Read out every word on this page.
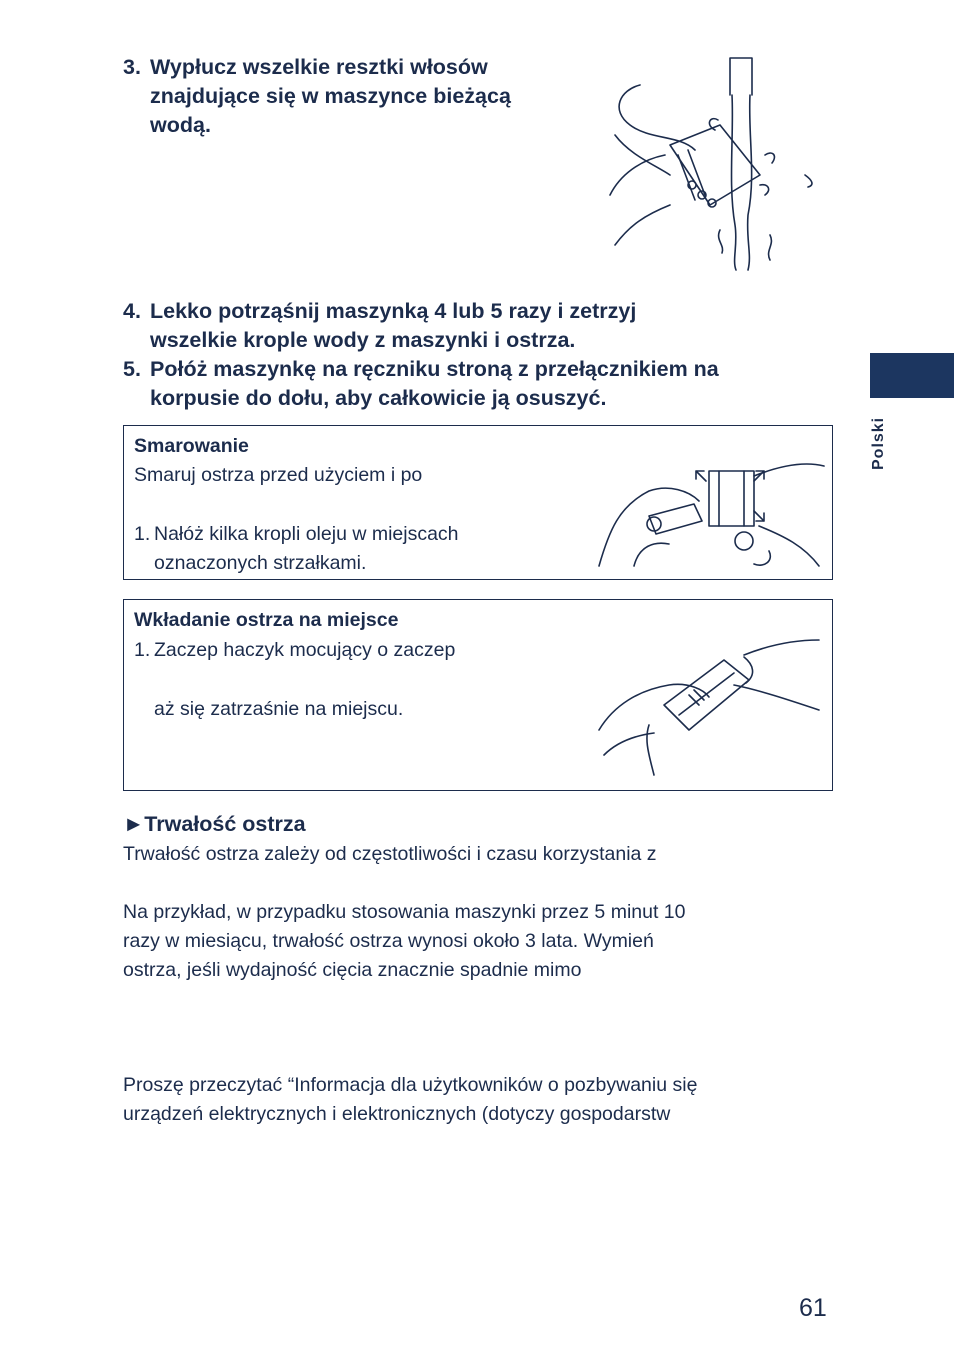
3. Wypłucz wszelkie resztki włosów
znajdujące się w maszynce bieżącą
wodą.
4. Lekko potrząśnij maszynką 4 lub 5 razy i zetrzyj
wszelkie krople wody z maszynki i ostrza.
5. Połóż maszynkę na ręczniku stroną z przełącznikiem na
korpusie do dołu, aby całkowicie ją osuszyć.
Polski
Smarowanie
Smaruj ostrza przed użyciem i po
1. Nałóż kilka kropli oleju w miejscach
oznaczonych strzałkami.
Wkładanie ostrza na miejsce
1. Zaczep haczyk mocujący o zaczep
aż się zatrzaśnie na miejscu.
►Trwałość ostrza
Trwałość ostrza zależy od częstotliwości i czasu korzystania z
Na przykład, w przypadku stosowania maszynki przez 5 minut 10
razy w miesiącu, trwałość ostrza wynosi około 3 lata. Wymień
ostrza, jeśli wydajność cięcia znacznie spadnie mimo
Proszę przeczytać “Informacja dla użytkowników o pozbywaniu się
urządzeń elektrycznych i elektronicznych (dotyczy gospodarstw
61
